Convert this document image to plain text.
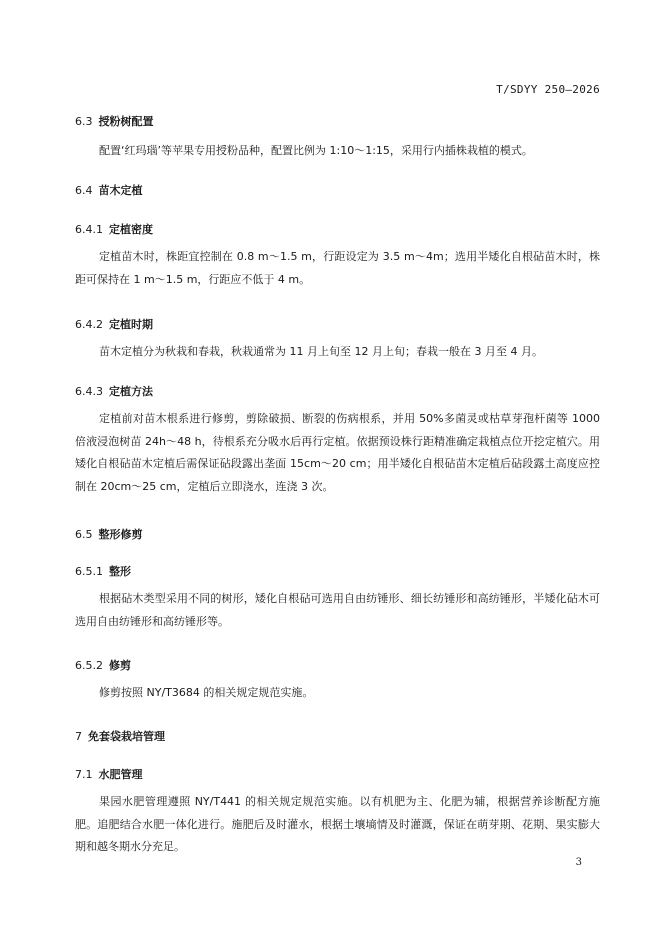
T/SDYY 250—2026
6.3 授粉树配置

配置‘红玛瑙’等苹果专用授粉品种，配置比例为 1:10～1:15，采用行内插株栽植的模式。

6.4 苗木定植
6.4.1 定植密度

定植苗木时，株距宜控制在 0.8 m～1.5 m，行距设定为 3.5 m～4m；选用半矮化自根砧苗木时，株距可保持在 1 m～1.5 m，行距应不低于 4 m。

6.4.2 定植时期

苗木定植分为秋栽和春栽，秋栽通常为 11 月上旬至 12 月上旬；春栽一般在 3 月至 4 月。

6.4.3 定植方法

定植前对苗木根系进行修剪，剪除破损、断裂的伤病根系，并用 50%多菌灵或枯草芽孢杆菌等 1000 倍液浸泡树苗 24h～48 h，待根系充分吸水后再行定植。依据预设株行距精准确定栽植点位开挖定植穴。用矮化自根砧苗木定植后需保证砧段露出垄面 15cm～20 cm；用半矮化自根砧苗木定植后砧段露土高度应控制在 20cm～25 cm，定植后立即浇水，连浇 3 次。

6.5 整形修剪
6.5.1 整形

根据砧木类型采用不同的树形，矮化自根砧可选用自由纺锤形、细长纺锤形和高纺锤形，半矮化砧木可选用自由纺锤形和高纺锤形等。

6.5.2 修剪

修剪按照 NY/T3684 的相关规定规范实施。

7 免套袋栽培管理
7.1 水肥管理

果园水肥管理遵照 NY/T441 的相关规定规范实施。以有机肥为主、化肥为辅，根据营养诊断配方施肥。追肥结合水肥一体化进行。施肥后及时灌水，根据土壤墒情及时灌溉，保证在萌芽期、花期、果实膨大期和越冬期水分充足。

3
